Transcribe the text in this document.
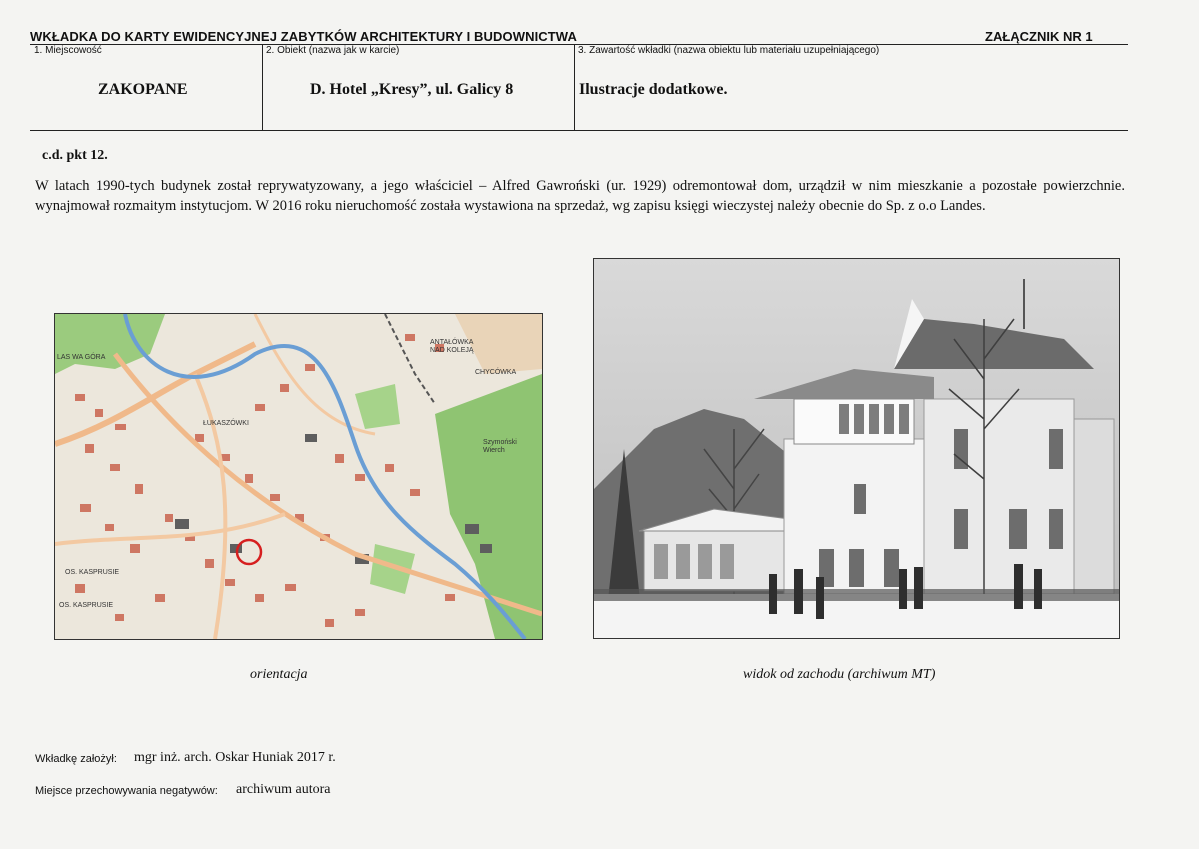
WKŁADKA DO KARTY EWIDENCYJNEJ ZABYTKÓW ARCHITEKTURY I BUDOWNICTWA	ZAŁĄCZNIK NR 1
1. Miejscowość	2. Obiekt (nazwa jak w karcie)	3. Zawartość wkładki (nazwa obiektu lub materiału uzupełniającego)
ZAKOPANE	D. Hotel „Kresy”, ul. Galicy 8	Ilustracje dodatkowe.
c.d. pkt 12.
W latach 1990-tych budynek został reprywatyzowany, a jego właściciel – Alfred Gawroński (ur. 1929) odremontował dom, urządził w nim mieszkanie a pozostałe powierzchnie. wynajmował rozmaitym instytucjom. W 2016 roku nieruchomość została wystawiona na sprzedaż, wg zapisu księgi wieczystej należy obecnie do Sp. z o.o Landes.
LAS WA GÓRA
ANTAŁÓWKA NAD KOLEJĄ
ŁUKASZÓWKI
Szymoński Wierch
OS. KASPRUSIE
OS. KASPRUSIE
CHYCÓWKA
orientacja	widok od zachodu (archiwum MT)
Wkładkę założył: mgr inż. arch. Oskar Huniak 2017 r.
Miejsce przechowywania negatywów: archiwum autora
